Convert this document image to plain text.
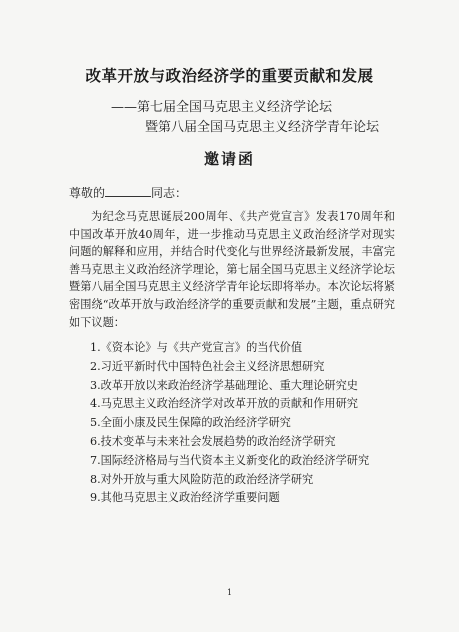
改革开放与政治经济学的重要贡献和发展
——第七届全国马克思主义经济学论坛
暨第八届全国马克思主义经济学青年论坛
邀请函
尊敬的	同志：
为纪念马克思诞辰200周年、《共产党宣言》发表170周年和中国改革开放40周年，进一步推动马克思主义政治经济学对现实问题的解释和应用，并结合时代变化与世界经济最新发展，丰富完善马克思主义政治经济学理论，第七届全国马克思主义经济学论坛暨第八届全国马克思主义经济学青年论坛即将举办。本次论坛将紧密围绕“改革开放与政治经济学的重要贡献和发展”主题，重点研究如下议题：
1.《资本论》与《共产党宣言》的当代价值
2.习近平新时代中国特色社会主义经济思想研究
3.改革开放以来政治经济学基础理论、重大理论研究史
4.马克思主义政治经济学对改革开放的贡献和作用研究
5.全面小康及民生保障的政治经济学研究
6.技术变革与未来社会发展趋势的政治经济学研究
7.国际经济格局与当代资本主义新变化的政治经济学研究
8.对外开放与重大风险防范的政治经济学研究
9.其他马克思主义政治经济学重要问题
1
